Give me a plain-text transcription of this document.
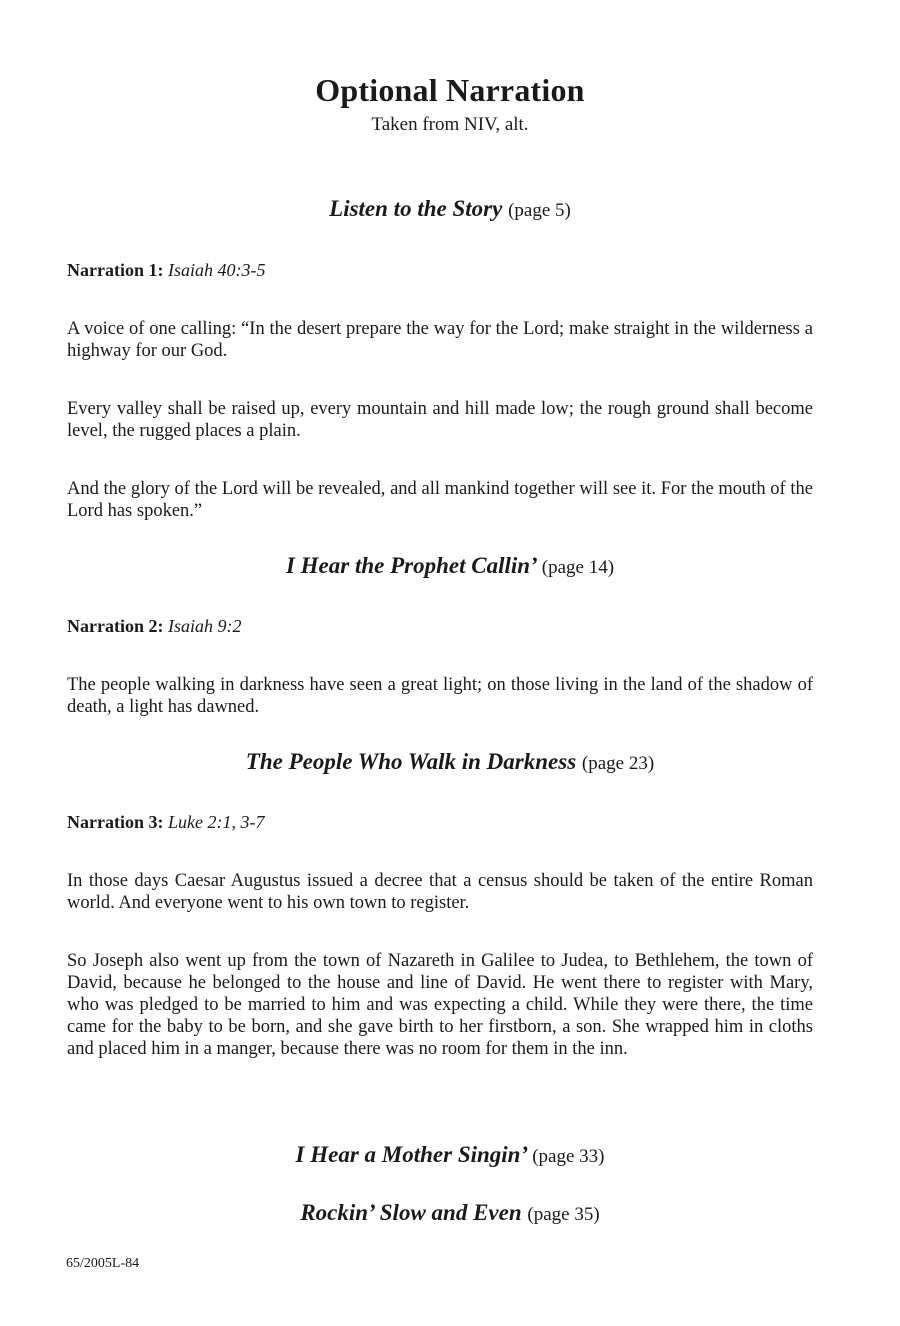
Optional Narration
Taken from NIV, alt.
Listen to the Story (page 5)
Narration 1: Isaiah 40:3-5

A voice of one calling: “In the desert prepare the way for the Lord; make straight in the wilderness a highway for our God.

Every valley shall be raised up, every mountain and hill made low; the rough ground shall become level, the rugged places a plain.

And the glory of the Lord will be revealed, and all mankind together will see it. For the mouth of the Lord has spoken.”

I Hear the Prophet Callin’ (page 14)
Narration 2: Isaiah 9:2

The people walking in darkness have seen a great light; on those living in the land of the shadow of death, a light has dawned.

The People Who Walk in Darkness (page 23)
Narration 3: Luke 2:1, 3-7

In those days Caesar Augustus issued a decree that a census should be taken of the entire Roman world. And everyone went to his own town to register.

So Joseph also went up from the town of Nazareth in Galilee to Judea, to Bethlehem, the town of David, because he belonged to the house and line of David. He went there to register with Mary, who was pledged to be married to him and was expecting a child. While they were there, the time came for the baby to be born, and she gave birth to her firstborn, a son. She wrapped him in cloths and placed him in a manger, because there was no room for them in the inn.

I Hear a Mother Singin’ (page 33)
Rockin’ Slow and Even (page 35)
65/2005L-84
